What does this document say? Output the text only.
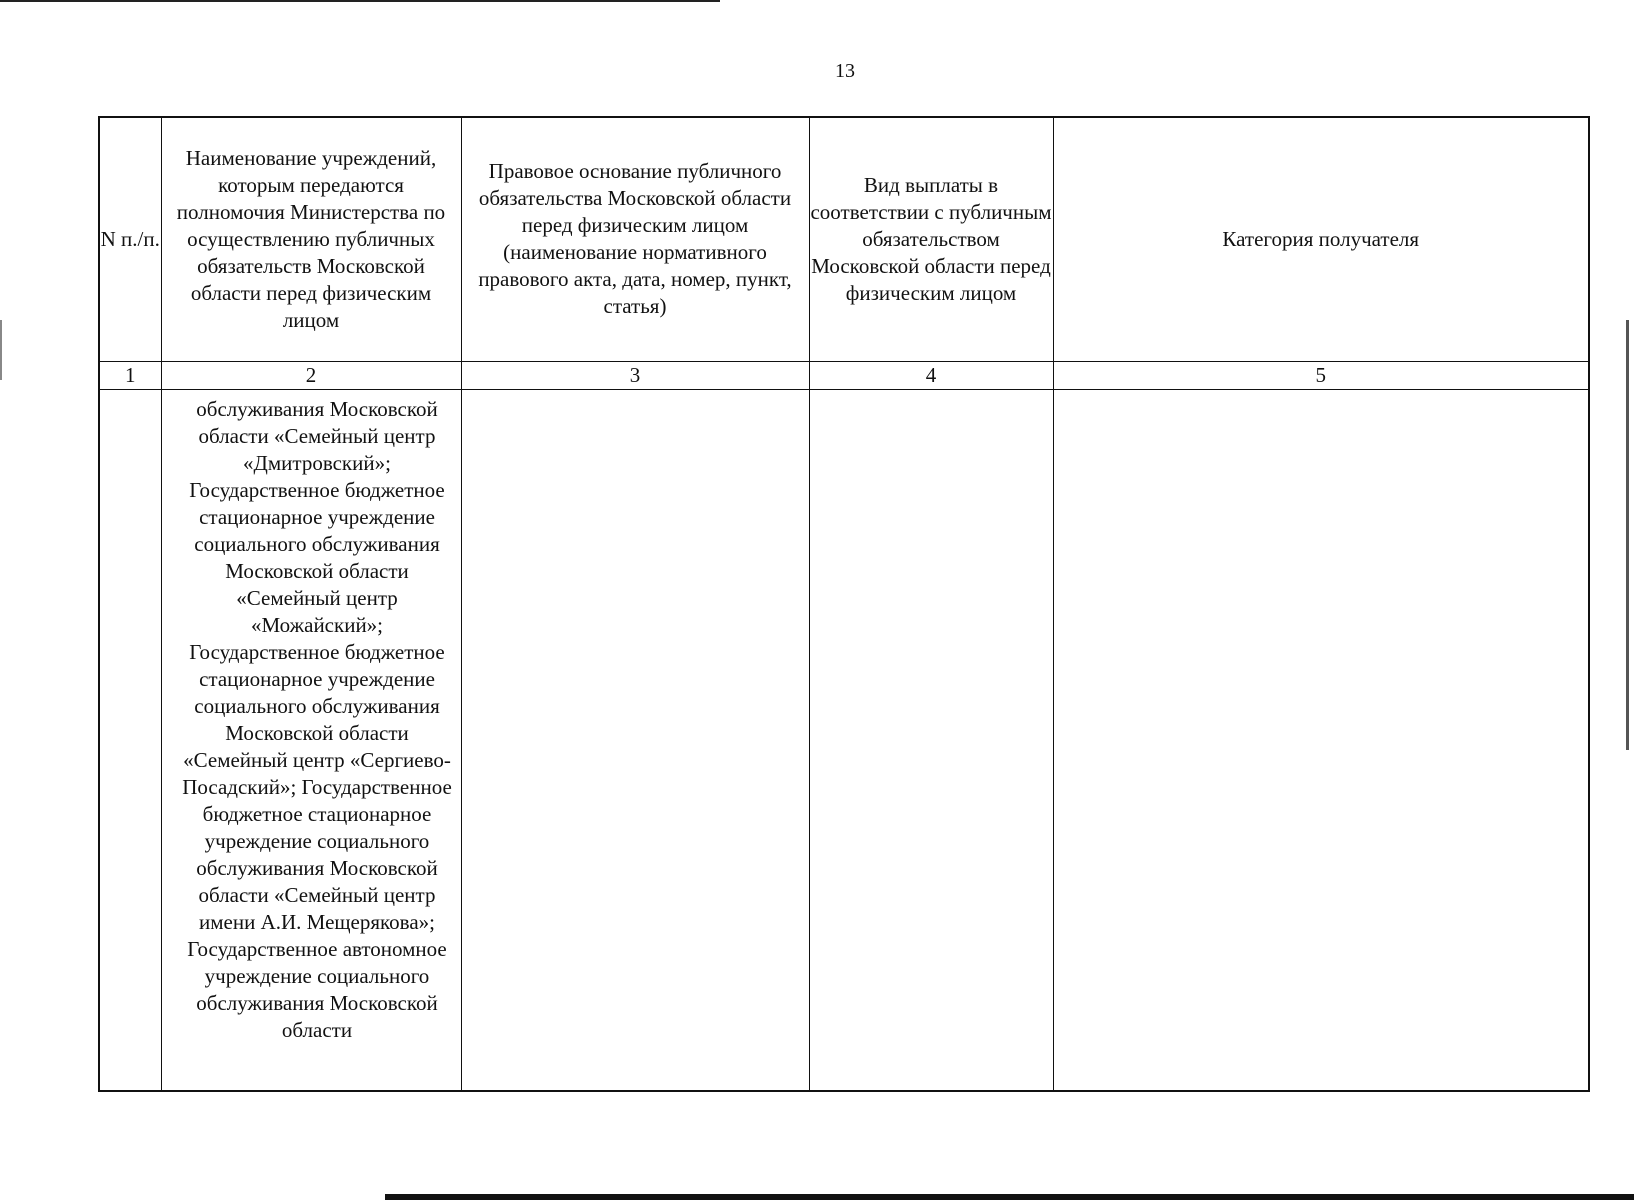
13
N п./п.	Наименование учреждений, которым передаются полномочия Министерства по осуществлению публичных обязательств Московской области перед физическим лицом	Правовое основание публичного обязательства Московской области перед физическим лицом (наименование нормативного правового акта, дата, номер, пункт, статья)	Вид выплаты в соответствии с публичным обязательством Московской области перед физическим лицом	Категория получателя
1	2	3	4	5
	обслуживания Московской области «Семейный центр «Дмитровский»; Государственное бюджетное стационарное учреждение социального обслуживания Московской области «Семейный центр «Можайский»; Государственное бюджетное стационарное учреждение социального обслуживания Московской области «Семейный центр «Сергиево-Посадский»; Государственное бюджетное стационарное учреждение социального обслуживания Московской области «Семейный центр имени А.И. Мещерякова»; Государственное автономное учреждение социального обслуживания Московской области			
